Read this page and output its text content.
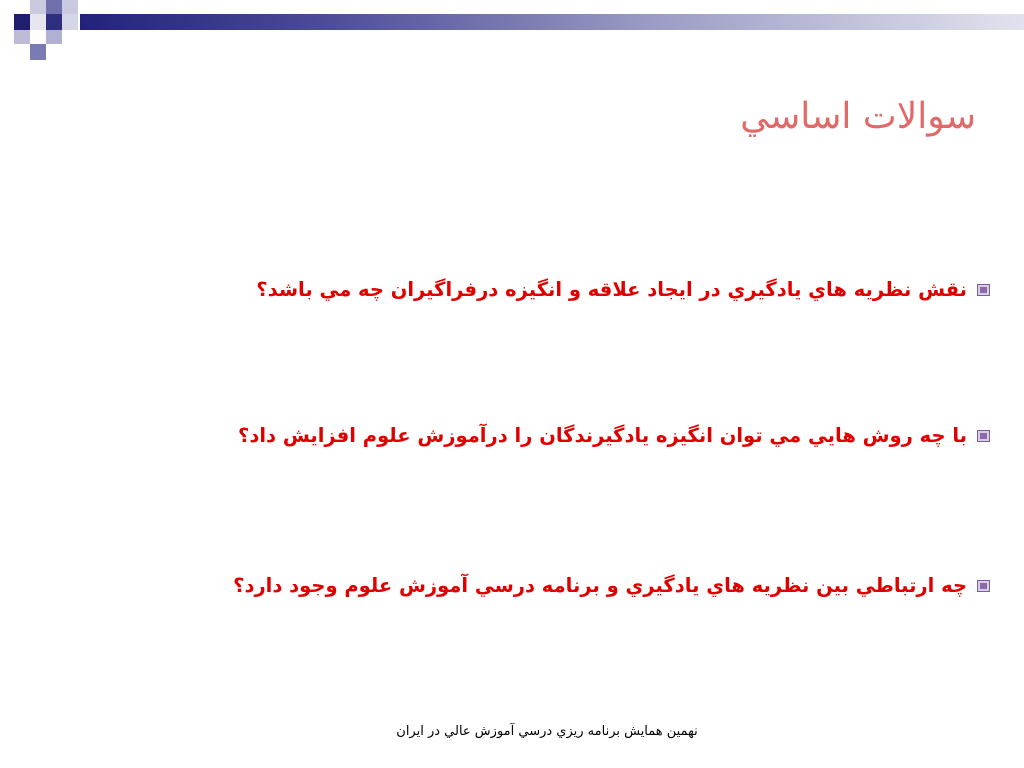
سوالات اساسي
نقش نظريه هاي يادگيري در ايجاد علاقه و انگيزه درفراگيران چه مي باشد؟
با چه روش هايي مي توان انگيزه يادگيرندگان را درآموزش علوم افزايش داد؟
چه ارتباطي بين نظريه هاي يادگيري و برنامه درسي آموزش علوم وجود دارد؟
نهمين همايش برنامه ريزي درسي آموزش عالي در ايران
